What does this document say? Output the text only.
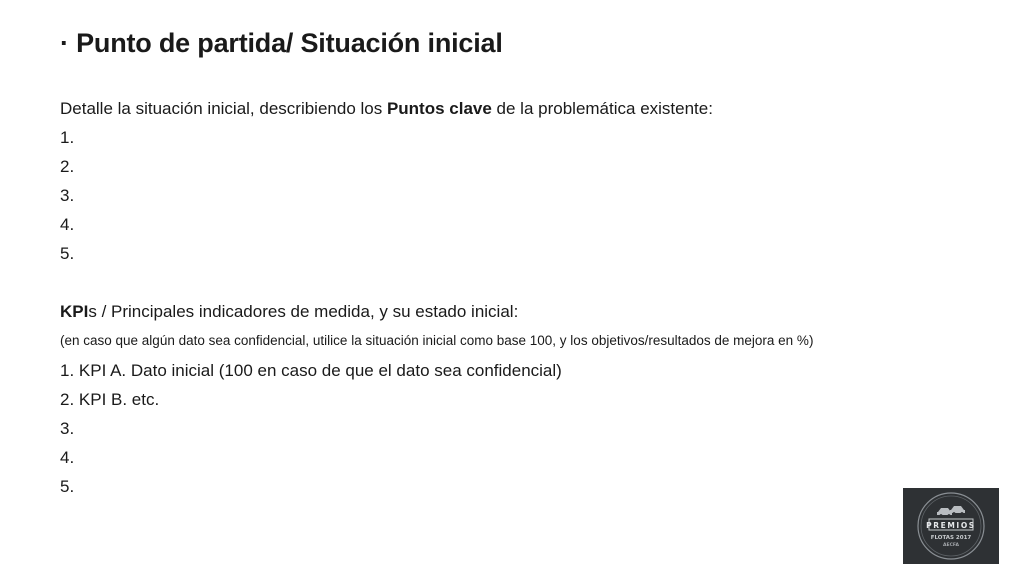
· Punto de partida/ Situación inicial
Detalle la situación inicial, describiendo los Puntos clave de la problemática existente:
1.
2.
3.
4.
5.
KPIs / Principales indicadores de medida, y su estado inicial:
(en caso que algún dato sea confidencial, utilice la situación inicial como base 100, y los objetivos/resultados de mejora en %)
1. KPI A. Dato inicial (100 en caso de que el dato sea confidencial)
2. KPI B. etc.
3.
4.
5.
PREMIOS
FLOTAS 2017
AECFA
